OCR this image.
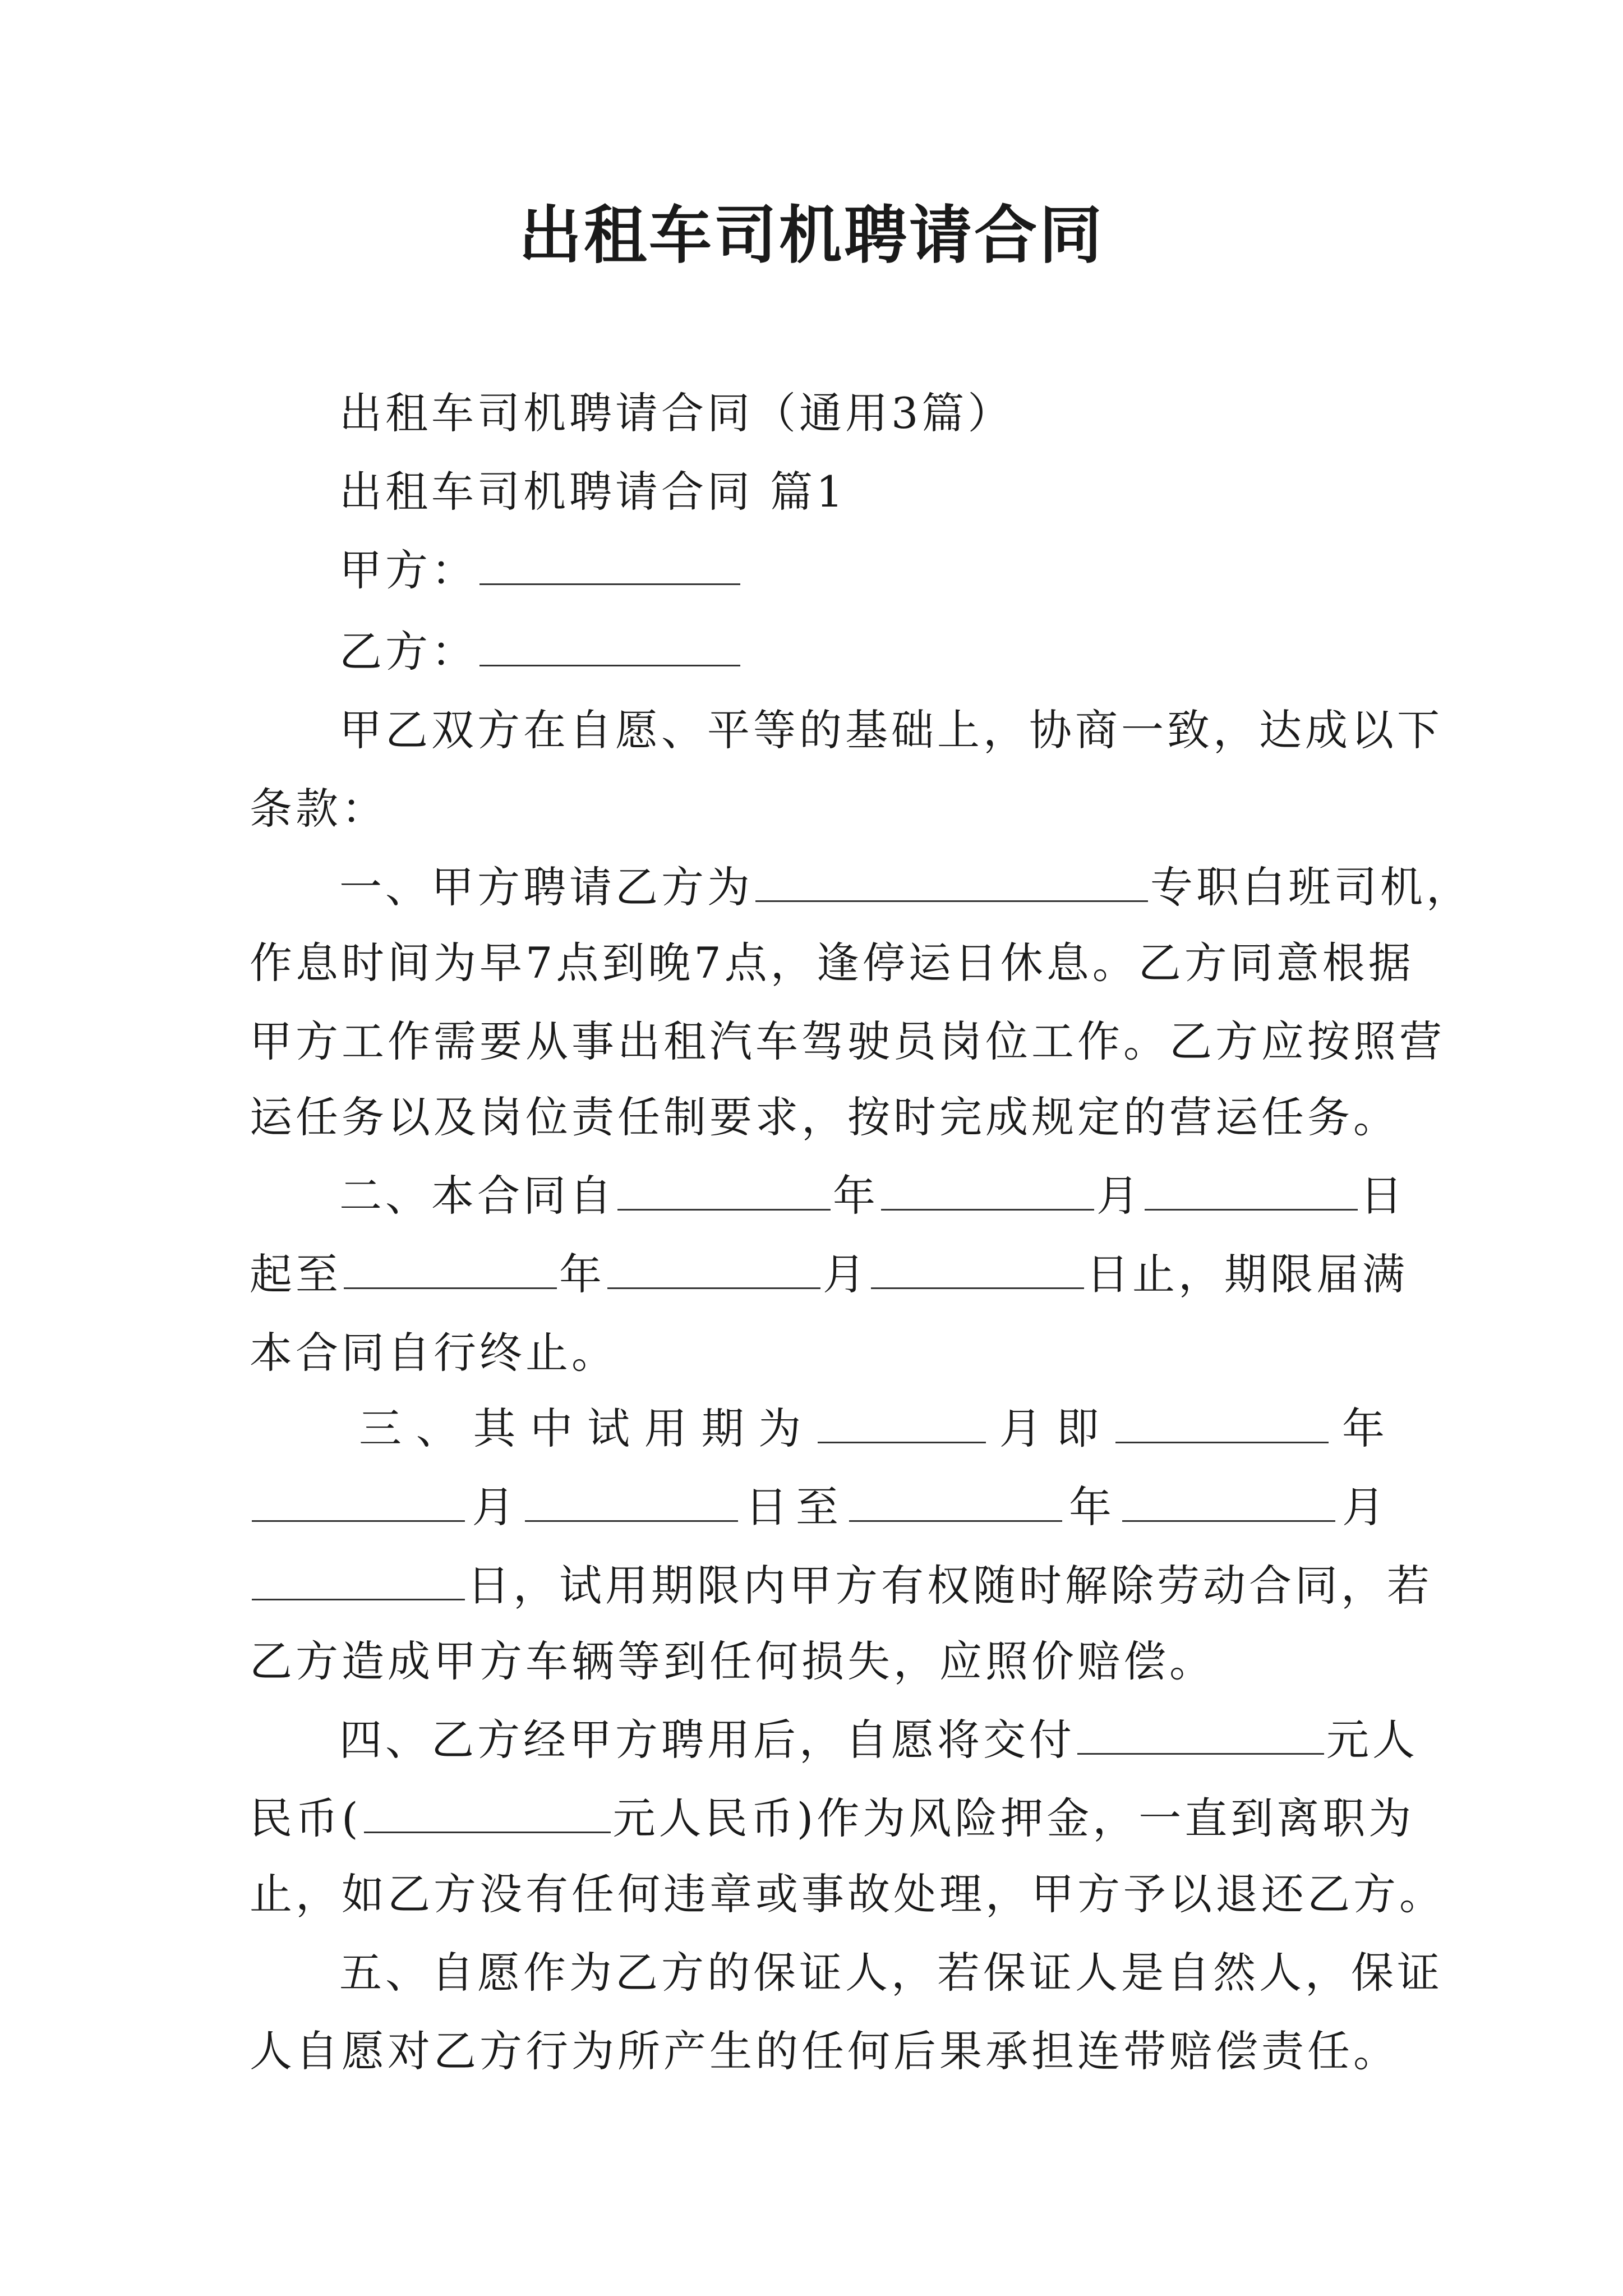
出租车司机聘请合同
出租车司机聘请合同（通用3篇）
出租车司机聘请合同 篇1
甲方：
乙方：
甲乙双方在自愿、平等的基础上，协商一致，达成以下
条款：
一、甲方聘请乙方为	专职白班司机，
作息时间为早7点到晚7点，逢停运日休息。乙方同意根据
甲方工作需要从事出租汽车驾驶员岗位工作。乙方应按照营
运任务以及岗位责任制要求，按时完成规定的营运任务。
二、本合同自	年	月	日
起至	年	月	日止，期限届满
本合同自行终止。
三、其中试用期为	月即	年
月	日至	年	月
日，试用期限内甲方有权随时解除劳动合同，若
乙方造成甲方车辆等到任何损失，应照价赔偿。
四、乙方经甲方聘用后，自愿将交付	元人
民币(	元人民币)作为风险押金，一直到离职为
止，如乙方没有任何违章或事故处理，甲方予以退还乙方。
五、自愿作为乙方的保证人，若保证人是自然人，保证
人自愿对乙方行为所产生的任何后果承担连带赔偿责任。
